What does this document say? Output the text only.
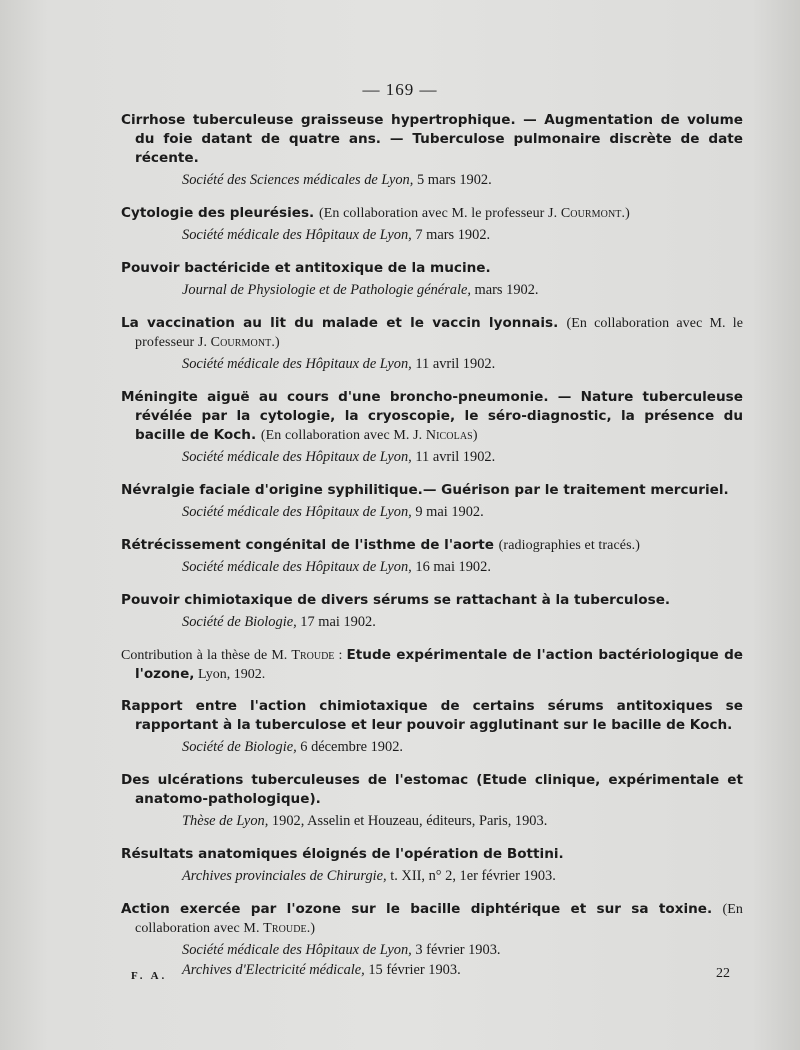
— 169 —

Cirrhose tuberculeuse graisseuse hypertrophique. — Augmentation de volume du foie datant de quatre ans. — Tuberculose pulmonaire discrète de date récente.

Société des Sciences médicales de Lyon, 5 mars 1902.

Cytologie des pleurésies. (En collaboration avec M. le professeur J. Courmont.)

Société médicale des Hôpitaux de Lyon, 7 mars 1902.

Pouvoir bactéricide et antitoxique de la mucine.

Journal de Physiologie et de Pathologie générale, mars 1902.

La vaccination au lit du malade et le vaccin lyonnais. (En collaboration avec M. le professeur J. Courmont.)

Société médicale des Hôpitaux de Lyon, 11 avril 1902.

Méningite aiguë au cours d'une broncho-pneumonie. — Nature tuberculeuse révélée par la cytologie, la cryoscopie, le séro-diagnostic, la présence du bacille de Koch. (En collaboration avec M. J. Nicolas)

Société médicale des Hôpitaux de Lyon, 11 avril 1902.

Névralgie faciale d'origine syphilitique.— Guérison par le traitement mercuriel.

Société médicale des Hôpitaux de Lyon, 9 mai 1902.

Rétrécissement congénital de l'isthme de l'aorte (radiographies et tracés.)

Société médicale des Hôpitaux de Lyon, 16 mai 1902.

Pouvoir chimiotaxique de divers sérums se rattachant à la tuberculose.

Société de Biologie, 17 mai 1902.

Contribution à la thèse de M. Troude : Etude expérimentale de l'action bactériologique de l'ozone, Lyon, 1902.

Rapport entre l'action chimiotaxique de certains sérums antitoxiques se rapportant à la tuberculose et leur pouvoir agglutinant sur le bacille de Koch.

Société de Biologie, 6 décembre 1902.

Des ulcérations tuberculeuses de l'estomac (Etude clinique, expérimentale et anatomo-pathologique).

Thèse de Lyon, 1902, Asselin et Houzeau, éditeurs, Paris, 1903.

Résultats anatomiques éloignés de l'opération de Bottini.

Archives provinciales de Chirurgie, t. XII, n° 2, 1er février 1903.

Action exercée par l'ozone sur le bacille diphtérique et sur sa toxine. (En collaboration avec M. Troude.)

Société médicale des Hôpitaux de Lyon, 3 février 1903.

Archives d'Electricité médicale, 15 février 1903.

F. A.	22
